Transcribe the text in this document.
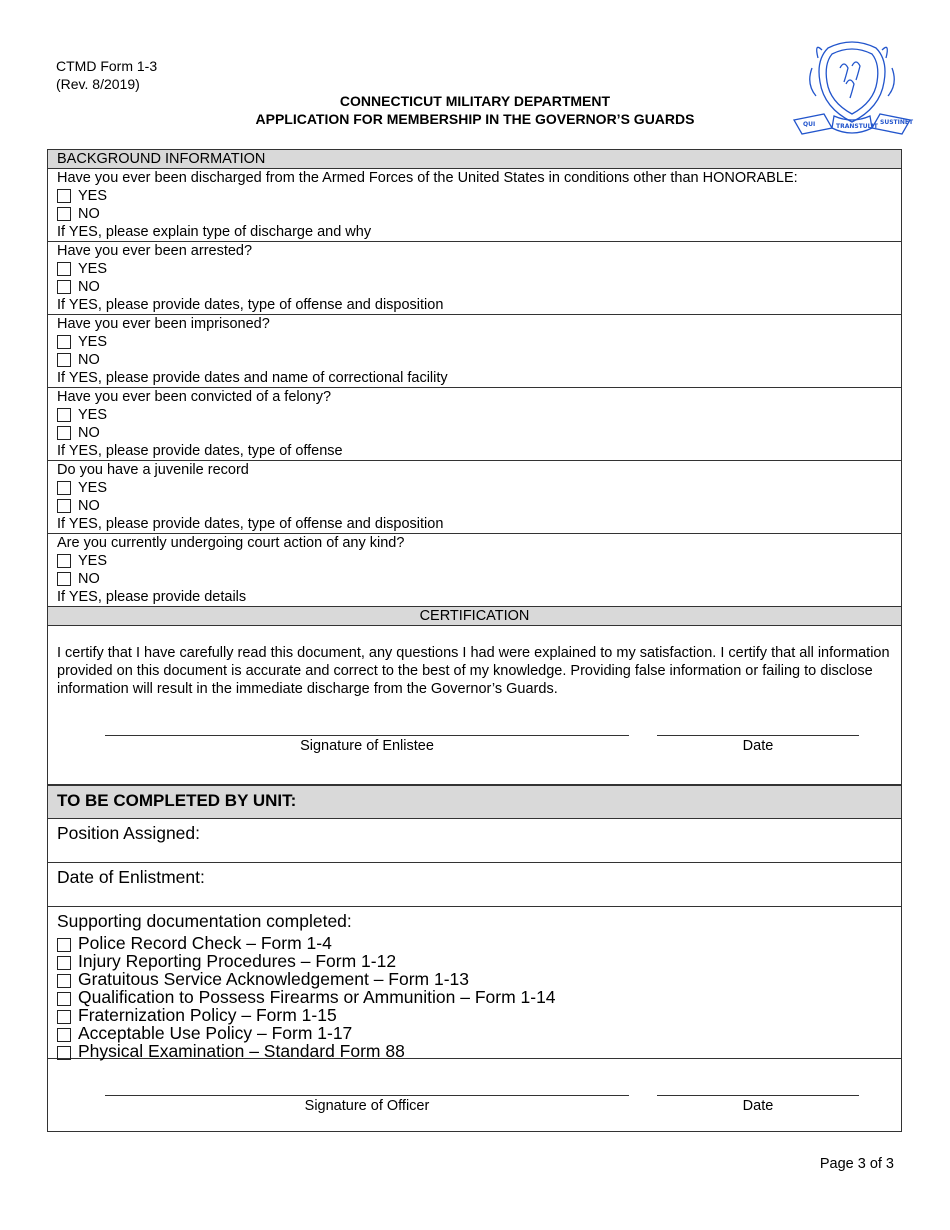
CTMD Form 1-3
(Rev. 8/2019)
CONNECTICUT MILITARY DEPARTMENT
APPLICATION FOR MEMBERSHIP IN THE GOVERNOR’S GUARDS	QUI	TRANSTULIT
SUSTINET
BACKGROUND INFORMATION

Have you ever been discharged from the Armed Forces of the United States in conditions other than HONORABLE:
YES
NO
If YES, please explain type of discharge and why

Have you ever been arrested?
YES
NO
If YES, please provide dates, type of offense and disposition

Have you ever been imprisoned?
YES
NO
If YES, please provide dates and name of correctional facility

Have you ever been convicted of a felony?
YES
NO
If YES, please provide dates, type of offense

Do you have a juvenile record
YES
NO
If YES, please provide dates, type of offense and disposition

Are you currently undergoing court action of any kind?
YES
NO
If YES, please provide details

CERTIFICATION

I certify that I have carefully read this document, any questions I had were explained to my satisfaction. I certify that all information provided on this document is accurate and correct to the best of my knowledge. Providing false information or failing to disclose information will result in the immediate discharge from the Governor’s Guards.
Signature of Enlistee	Date
TO BE COMPLETED BY UNIT:
Position Assigned:
Date of Enlistment:

Supporting documentation completed:
Police Record Check – Form 1-4
Injury Reporting Procedures – Form 1-12
Gratuitous Service Acknowledgement – Form 1-13
Qualification to Possess Firearms or Ammunition – Form 1-14
Fraternization Policy – Form 1-15
Acceptable Use Policy – Form 1-17
Physical Examination – Standard Form 88

Signature of Officer	Date
Page 3 of 3
